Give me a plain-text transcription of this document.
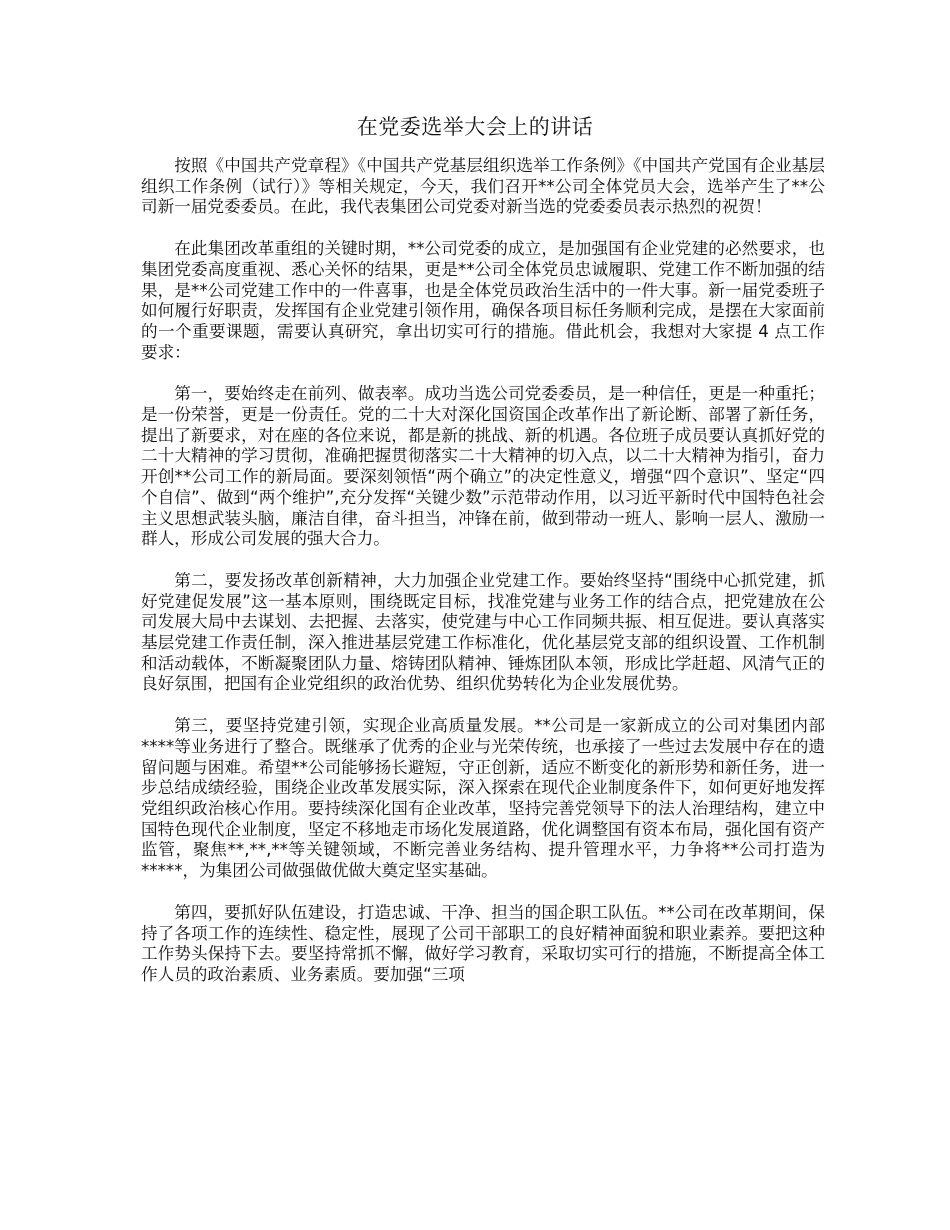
在党委选举大会上的讲话

按照《中国共产党章程》《中国共产党基层组织选举工作条例》《中国共产党国有企业基层组织工作条例（试行）》等相关规定，今天，我们召开**公司全体党员大会，选举产生了**公司新一届党委委员。在此，我代表集团公司党委对新当选的党委委员表示热烈的祝贺！

在此集团改革重组的关键时期，**公司党委的成立，是加强国有企业党建的必然要求，也集团党委高度重视、悉心关怀的结果，更是**公司全体党员忠诚履职、党建工作不断加强的结果，是**公司党建工作中的一件喜事，也是全体党员政治生活中的一件大事。新一届党委班子如何履行好职责，发挥国有企业党建引领作用，确保各项目标任务顺利完成，是摆在大家面前的一个重要课题，需要认真研究，拿出切实可行的措施。借此机会，我想对大家提 4 点工作要求：

第一，要始终走在前列、做表率。成功当选公司党委委员，是一种信任，更是一种重托；是一份荣誉，更是一份责任。党的二十大对深化国资国企改革作出了新论断、部署了新任务，提出了新要求，对在座的各位来说，都是新的挑战、新的机遇。各位班子成员要认真抓好党的二十大精神的学习贯彻，准确把握贯彻落实二十大精神的切入点，以二十大精神为指引，奋力开创**公司工作的新局面。要深刻领悟“两个确立”的决定性意义，增强“四个意识”、坚定“四个自信”、做到“两个维护”,充分发挥“关键少数”示范带动作用，以习近平新时代中国特色社会主义思想武装头脑，廉洁自律，奋斗担当，冲锋在前，做到带动一班人、影响一层人、激励一群人，形成公司发展的强大合力。

第二，要发扬改革创新精神，大力加强企业党建工作。要始终坚持“围绕中心抓党建，抓好党建促发展”这一基本原则，围绕既定目标，找准党建与业务工作的结合点，把党建放在公司发展大局中去谋划、去把握、去落实，使党建与中心工作同频共振、相互促进。要认真落实基层党建工作责任制，深入推进基层党建工作标准化，优化基层党支部的组织设置、工作机制和活动载体，不断凝聚团队力量、熔铸团队精神、锤炼团队本领，形成比学赶超、风清气正的良好氛围，把国有企业党组织的政治优势、组织优势转化为企业发展优势。

第三，要坚持党建引领，实现企业高质量发展。**公司是一家新成立的公司对集团内部****等业务进行了整合。既继承了优秀的企业与光荣传统，也承接了一些过去发展中存在的遗留问题与困难。希望**公司能够扬长避短，守正创新，适应不断变化的新形势和新任务，进一步总结成绩经验，围绕企业改革发展实际，深入探索在现代企业制度条件下，如何更好地发挥党组织政治核心作用。要持续深化国有企业改革，坚持完善党领导下的法人治理结构，建立中国特色现代企业制度，坚定不移地走市场化发展道路，优化调整国有资本布局，强化国有资产监管，聚焦**,**,**等关键领域，不断完善业务结构、提升管理水平，力争将**公司打造为*****，为集团公司做强做优做大奠定坚实基础。

第四，要抓好队伍建设，打造忠诚、干净、担当的国企职工队伍。**公司在改革期间，保持了各项工作的连续性、稳定性，展现了公司干部职工的良好精神面貌和职业素养。要把这种工作势头保持下去。要坚持常抓不懈，做好学习教育，采取切实可行的措施，不断提高全体工作人员的政治素质、业务素质。要加强“三项
